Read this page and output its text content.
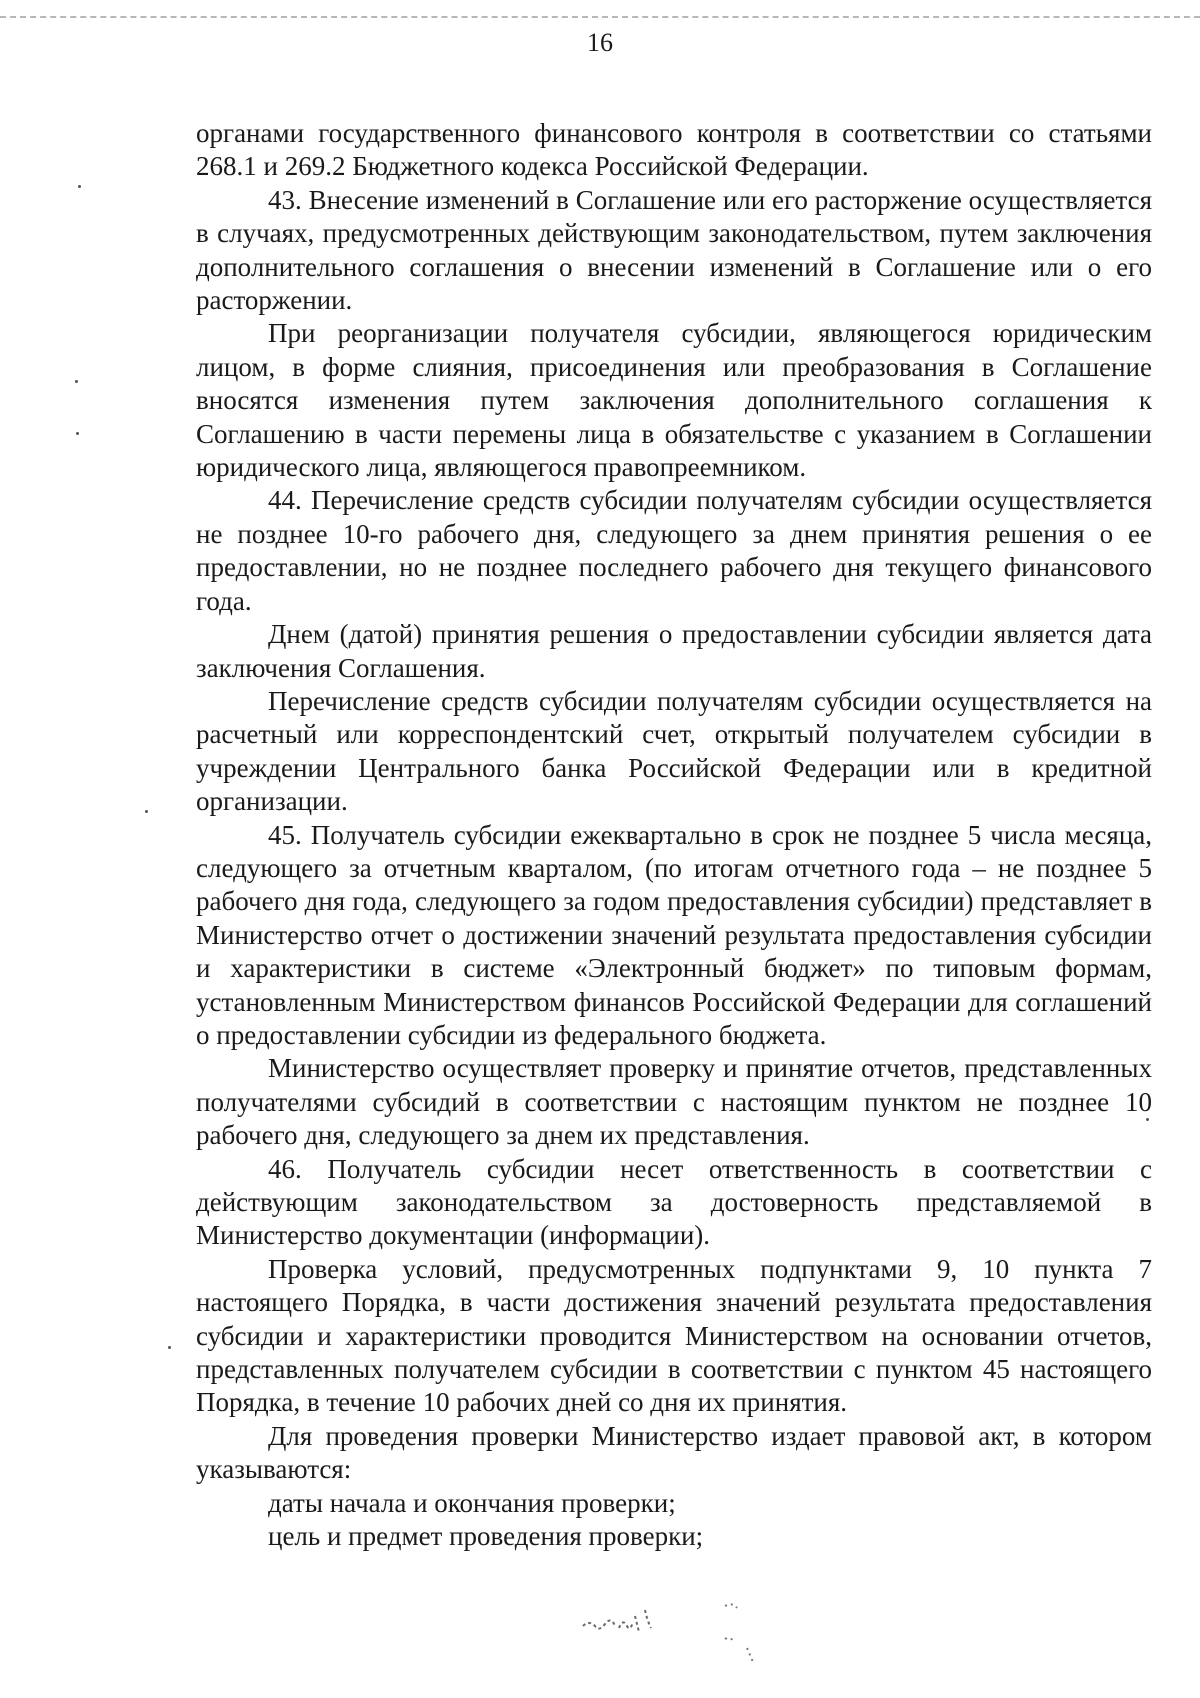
16

органами государственного финансового контроля в соответствии со статьями 268.1 и 269.2 Бюджетного кодекса Российской Федерации.

43. Внесение изменений в Соглашение или его расторжение осуществляется в случаях, предусмотренных действующим законодательством, путем заключения дополнительного соглашения о внесении изменений в Соглашение или о его расторжении.

При реорганизации получателя субсидии, являющегося юридическим лицом, в форме слияния, присоединения или преобразования в Соглашение вносятся изменения путем заключения дополнительного соглашения к Соглашению в части перемены лица в обязательстве с указанием в Соглашении юридического лица, являющегося правопреемником.

44. Перечисление средств субсидии получателям субсидии осуществляется не позднее 10-го рабочего дня, следующего за днем принятия решения о ее предоставлении, но не позднее последнего рабочего дня текущего финансового года.

Днем (датой) принятия решения о предоставлении субсидии является дата заключения Соглашения.

Перечисление средств субсидии получателям субсидии осуществляется на расчетный или корреспондентский счет, открытый получателем субсидии в учреждении Центрального банка Российской Федерации или в кредитной организации.

45. Получатель субсидии ежеквартально в срок не позднее 5 числа месяца, следующего за отчетным кварталом, (по итогам отчетного года – не позднее 5 рабочего дня года, следующего за годом предоставления субсидии) представляет в Министерство отчет о достижении значений результата предоставления субсидии и характеристики в системе «Электронный бюджет» по типовым формам, установленным Министерством финансов Российской Федерации для соглашений о предоставлении субсидии из федерального бюджета.

Министерство осуществляет проверку и принятие отчетов, представленных получателями субсидий в соответствии с настоящим пунктом не позднее 10 рабочего дня, следующего за днем их представления.

46. Получатель субсидии несет ответственность в соответствии с действующим законодательством за достоверность представляемой в Министерство документации (информации).

Проверка условий, предусмотренных подпунктами 9, 10 пункта 7 настоящего Порядка, в части достижения значений результата предоставления субсидии и характеристики проводится Министерством на основании отчетов, представленных получателем субсидии в соответствии с пунктом 45 настоящего Порядка, в течение 10 рабочих дней со дня их принятия.

Для проведения проверки Министерство издает правовой акт, в котором указываются:

даты начала и окончания проверки;

цель и предмет проведения проверки;
